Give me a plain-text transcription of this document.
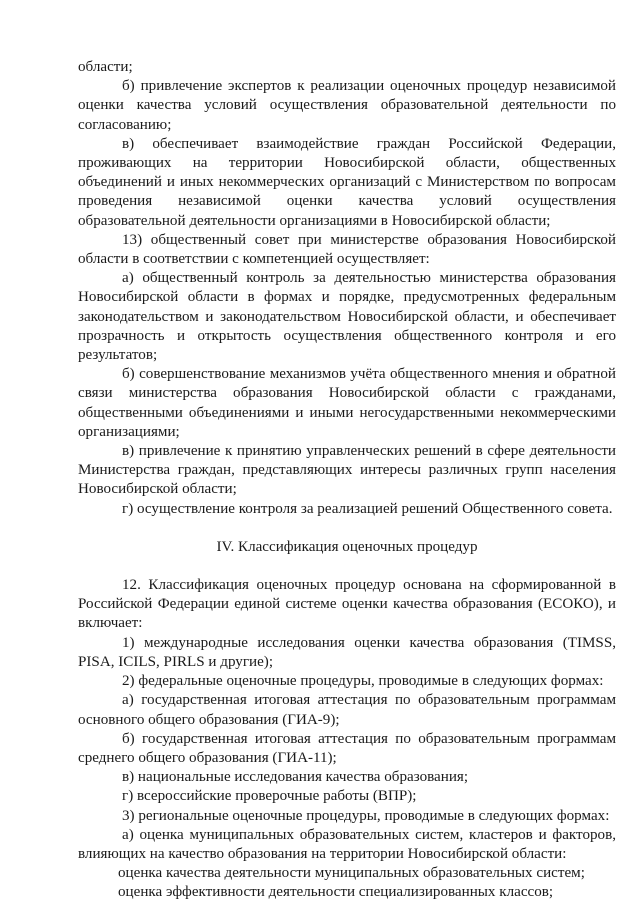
области;

б) привлечение экспертов к реализации оценочных процедур независимой оценки качества условий осуществления образовательной деятельности по согласованию;

в) обеспечивает взаимодействие граждан Российской Федерации, проживающих на территории Новосибирской области, общественных объединений и иных некоммерческих организаций с Министерством по вопросам проведения независимой оценки качества условий осуществления образовательной деятельности организациями в Новосибирской области;

13) общественный совет при министерстве образования Новосибирской области в соответствии с компетенцией осуществляет:

а) общественный контроль за деятельностью министерства образования Новосибирской области в формах и порядке, предусмотренных федеральным законодательством и законодательством Новосибирской области, и обеспечивает прозрачность и открытость осуществления общественного контроля и его результатов;

б) совершенствование механизмов учёта общественного мнения и обратной связи министерства образования Новосибирской области с гражданами, общественными объединениями и иными негосударственными некоммерческими организациями;

в) привлечение к принятию управленческих решений в сфере деятельности Министерства граждан, представляющих интересы различных групп населения Новосибирской области;

г) осуществление контроля за реализацией решений Общественного совета.

IV. Классификация оценочных процедур

12. Классификация оценочных процедур основана на сформированной в Российской Федерации единой системе оценки качества образования (ЕСОКО), и включает:

1) международные исследования оценки качества образования (TIMSS, PISA, ICILS, PIRLS и другие);

2) федеральные оценочные процедуры, проводимые в следующих формах:

а) государственная итоговая аттестация по образовательным программам основного общего образования (ГИА-9);

б) государственная итоговая аттестация по образовательным программам среднего общего образования (ГИА-11);

в) национальные исследования качества образования;

г) всероссийские проверочные работы (ВПР);

3) региональные оценочные процедуры, проводимые в следующих формах:

а) оценка муниципальных образовательных систем, кластеров и факторов, влияющих на качество образования на территории Новосибирской области:

оценка качества деятельности муниципальных образовательных систем;

оценка эффективности деятельности специализированных классов;
